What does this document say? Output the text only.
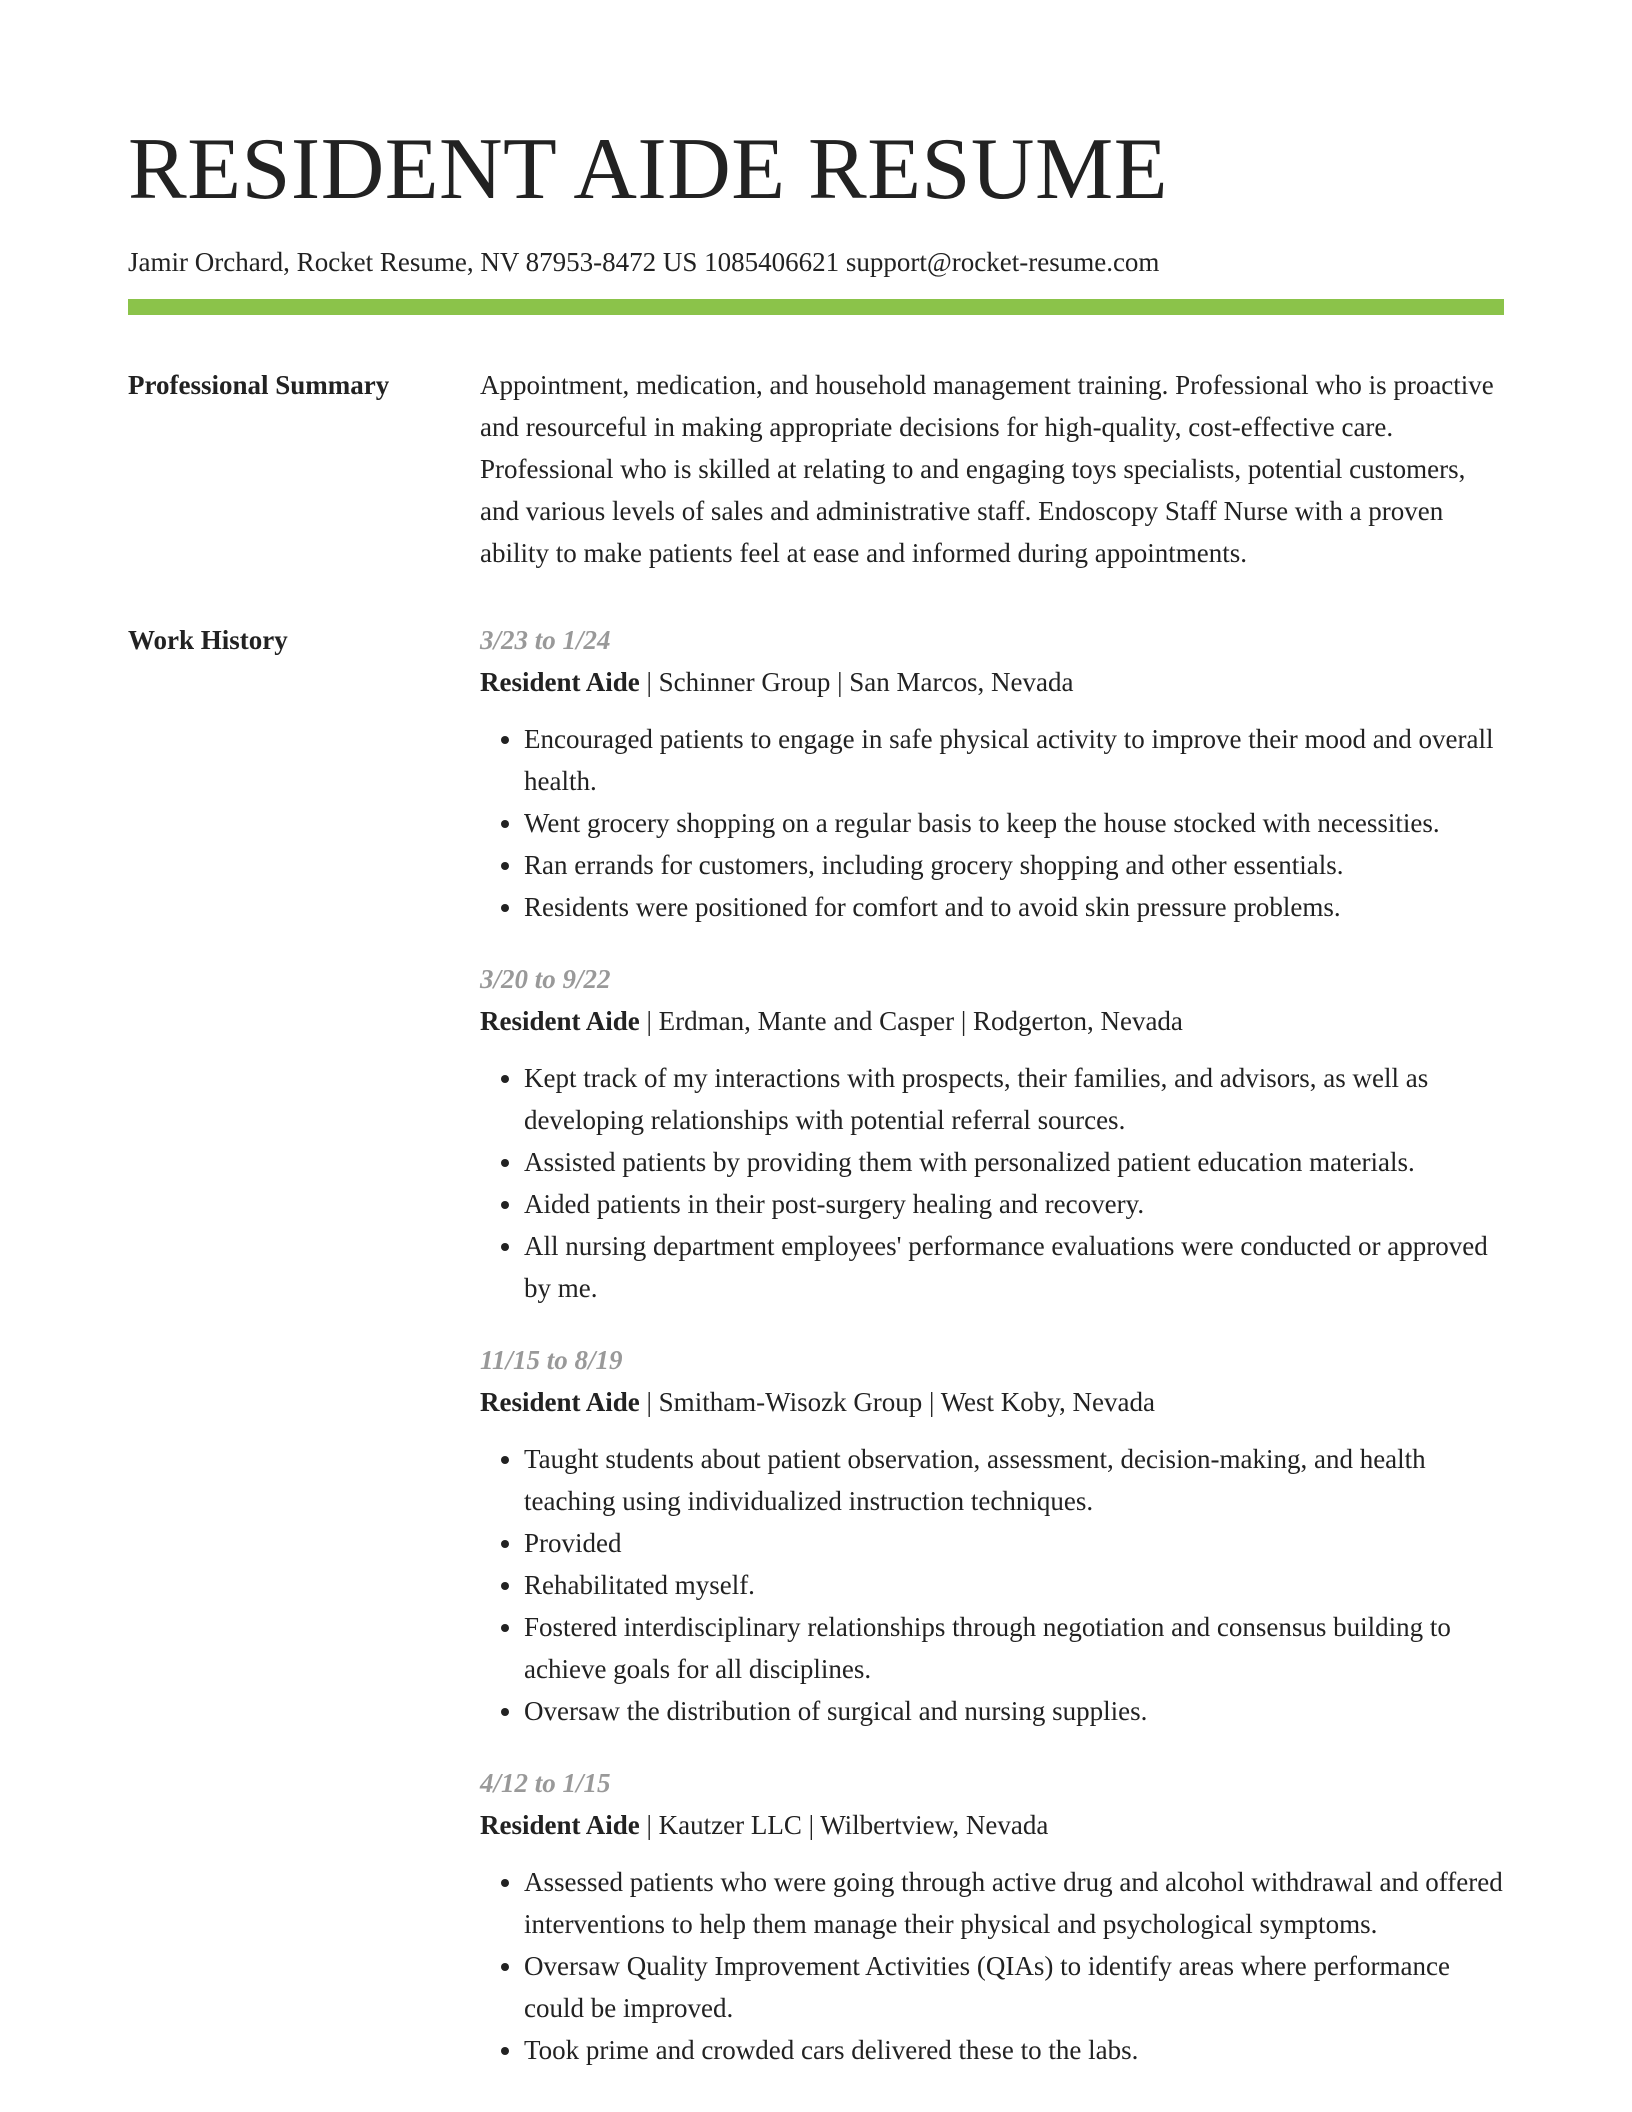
RESIDENT AIDE RESUME
Jamir Orchard, Rocket Resume, NV 87953-8472 US 1085406621 support@rocket-resume.com
Professional Summary	Appointment, medication, and household management training. Professional who is proactive and resourceful in making appropriate decisions for high-quality, cost-effective care. Professional who is skilled at relating to and engaging toys specialists, potential customers, and various levels of sales and administrative staff. Endoscopy Staff Nurse with a proven ability to make patients feel at ease and informed during appointments.

Work History	3/23 to 1/24
Resident Aide | Schinner Group | San Marcos, Nevada
• Encouraged patients to engage in safe physical activity to improve their mood and overall health.
• Went grocery shopping on a regular basis to keep the house stocked with necessities.
• Ran errands for customers, including grocery shopping and other essentials.
• Residents were positioned for comfort and to avoid skin pressure problems.
3/20 to 9/22
Resident Aide | Erdman, Mante and Casper | Rodgerton, Nevada
• Kept track of my interactions with prospects, their families, and advisors, as well as developing relationships with potential referral sources.
• Assisted patients by providing them with personalized patient education materials.
• Aided patients in their post-surgery healing and recovery.
• All nursing department employees' performance evaluations were conducted or approved by me.
11/15 to 8/19
Resident Aide | Smitham-Wisozk Group | West Koby, Nevada
• Taught students about patient observation, assessment, decision-making, and health teaching using individualized instruction techniques.
• Provided
• Rehabilitated myself.
• Fostered interdisciplinary relationships through negotiation and consensus building to achieve goals for all disciplines.
• Oversaw the distribution of surgical and nursing supplies.
4/12 to 1/15
Resident Aide | Kautzer LLC | Wilbertview, Nevada
• Assessed patients who were going through active drug and alcohol withdrawal and offered interventions to help them manage their physical and psychological symptoms.
• Oversaw Quality Improvement Activities (QIAs) to identify areas where performance could be improved.
• Took prime and crowded cars delivered these to the labs.
